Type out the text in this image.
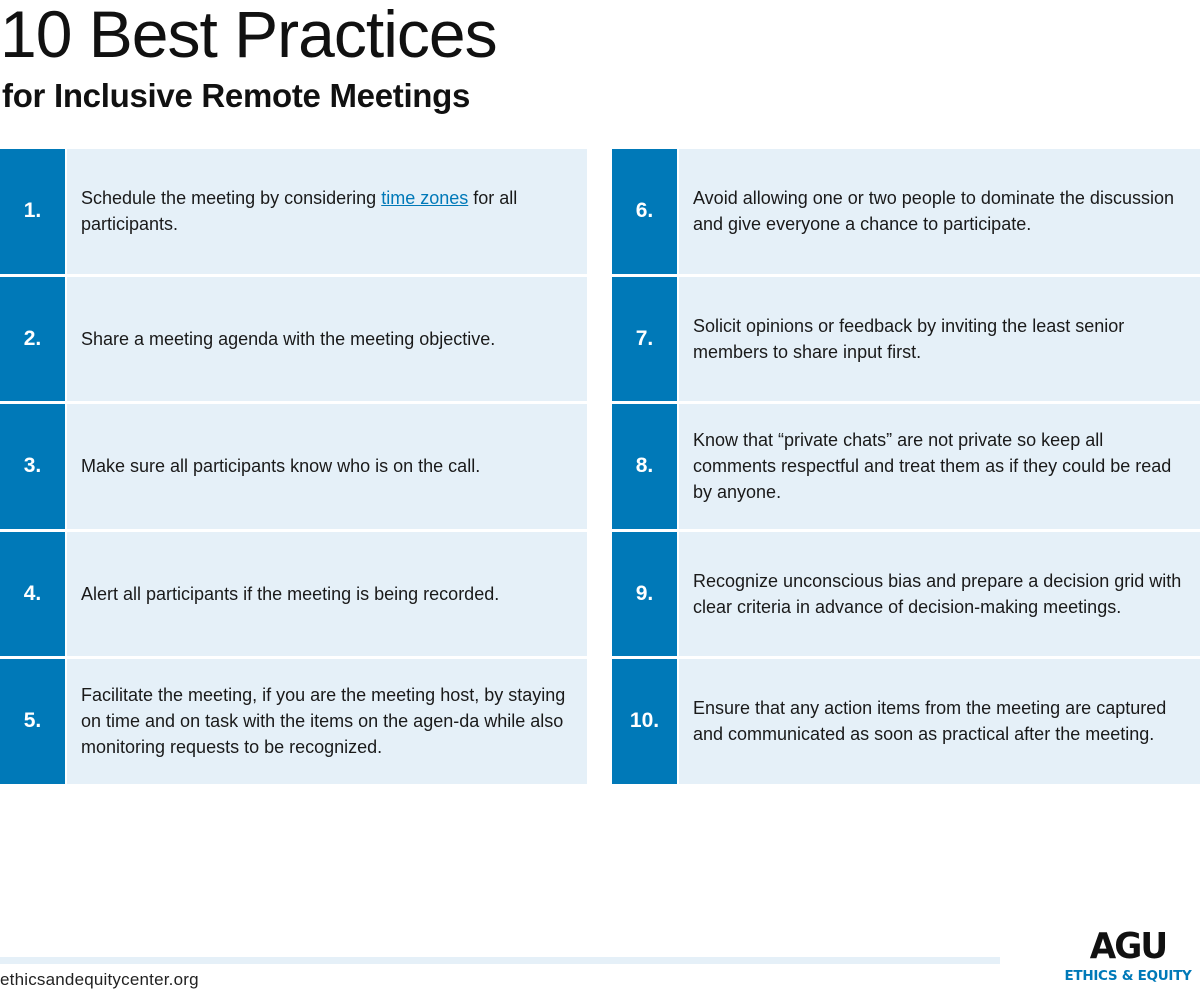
10 Best Practices
for Inclusive Remote Meetings
1.
Schedule the meeting by considering time zones for all participants.
2.	Share a meeting agenda with the meeting objective.
3.	Make sure all participants know who is on the call.
4.	Alert all participants if the meeting is being recorded.
5.
Facilitate the meeting, if you are the meeting host, by staying on time and on task with the items on the agen-da while also monitoring requests to be recognized.
6.
Avoid allowing one or two people to dominate the discussion and give everyone a chance to participate.
7.
Solicit opinions or feedback by inviting the least senior members to share input first.
8.
Know that “private chats” are not private so keep all comments respectful and treat them as if they could be read by anyone.
9.
Recognize unconscious bias and prepare a decision grid with clear criteria in advance of decision-making meetings.
10.
Ensure that any action items from the meeting are captured and communicated as soon as practical after the meeting.
ethicsandequitycenter.org
AGU
ETHICS & EQUITY
